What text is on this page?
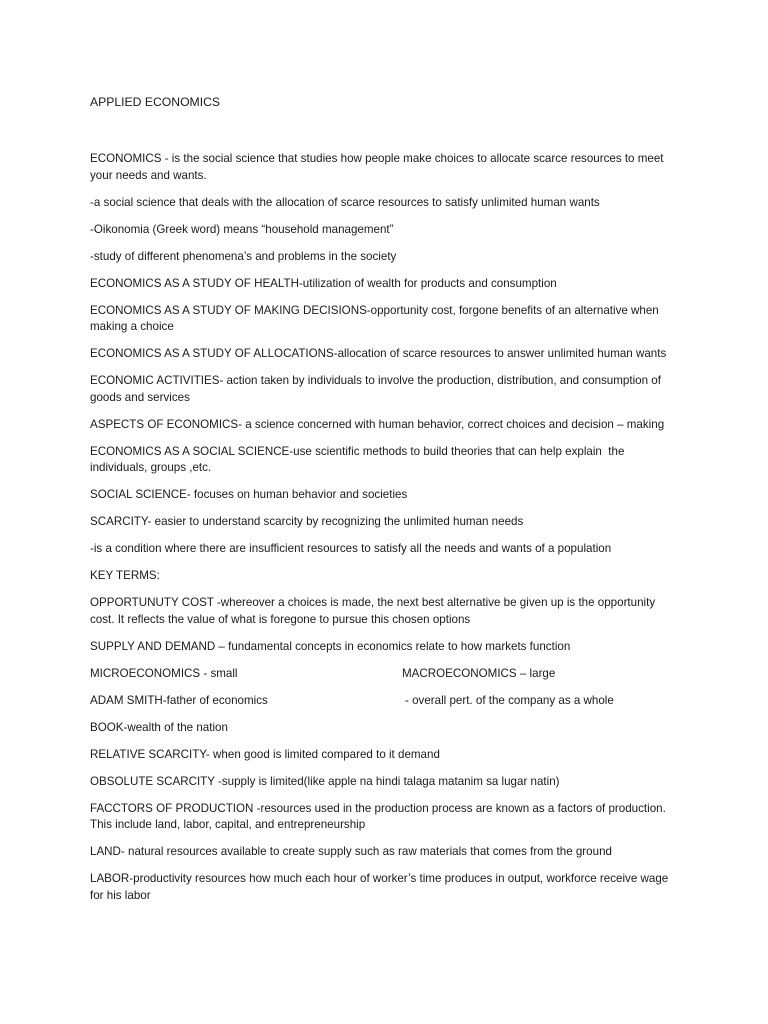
APPLIED ECONOMICS
ECONOMICS - is the social science that studies how people make choices to allocate scarce resources to meet your needs and wants.
-a social science that deals with the allocation of scarce resources to satisfy unlimited human wants
-Oikonomia (Greek word) means “household management”
-study of different phenomena’s and problems in the society
ECONOMICS AS A STUDY OF HEALTH-utilization of wealth for products and consumption
ECONOMICS AS A STUDY OF MAKING DECISIONS-opportunity cost, forgone benefits of an alternative when making a choice
ECONOMICS AS A STUDY OF ALLOCATIONS-allocation of scarce resources to answer unlimited human wants
ECONOMIC ACTIVITIES- action taken by individuals to involve the production, distribution, and consumption of goods and services
ASPECTS OF ECONOMICS- a science concerned with human behavior, correct choices and decision – making
ECONOMICS AS A SOCIAL SCIENCE-use scientific methods to build theories that can help explain  the individuals, groups ,etc.
SOCIAL SCIENCE- focuses on human behavior and societies
SCARCITY- easier to understand scarcity by recognizing the unlimited human needs
-is a condition where there are insufficient resources to satisfy all the needs and wants of a population
KEY TERMS:
OPPORTUNUTY COST -whereover a choices is made, the next best alternative be given up is the opportunity cost. It reflects the value of what is foregone to pursue this chosen options
SUPPLY AND DEMAND – fundamental concepts in economics relate to how markets function
MICROECONOMICS - small	MACROECONOMICS – large
ADAM SMITH-father of economics	- overall pert. of the company as a whole
BOOK-wealth of the nation
RELATIVE SCARCITY- when good is limited compared to it demand
OBSOLUTE SCARCITY -supply is limited(like apple na hindi talaga matanim sa lugar natin)
FACCTORS OF PRODUCTION -resources used in the production process are known as a factors of production. This include land, labor, capital, and entrepreneurship
LAND- natural resources available to create supply such as raw materials that comes from the ground
LABOR-productivity resources how much each hour of worker’s time produces in output, workforce receive wage for his labor
